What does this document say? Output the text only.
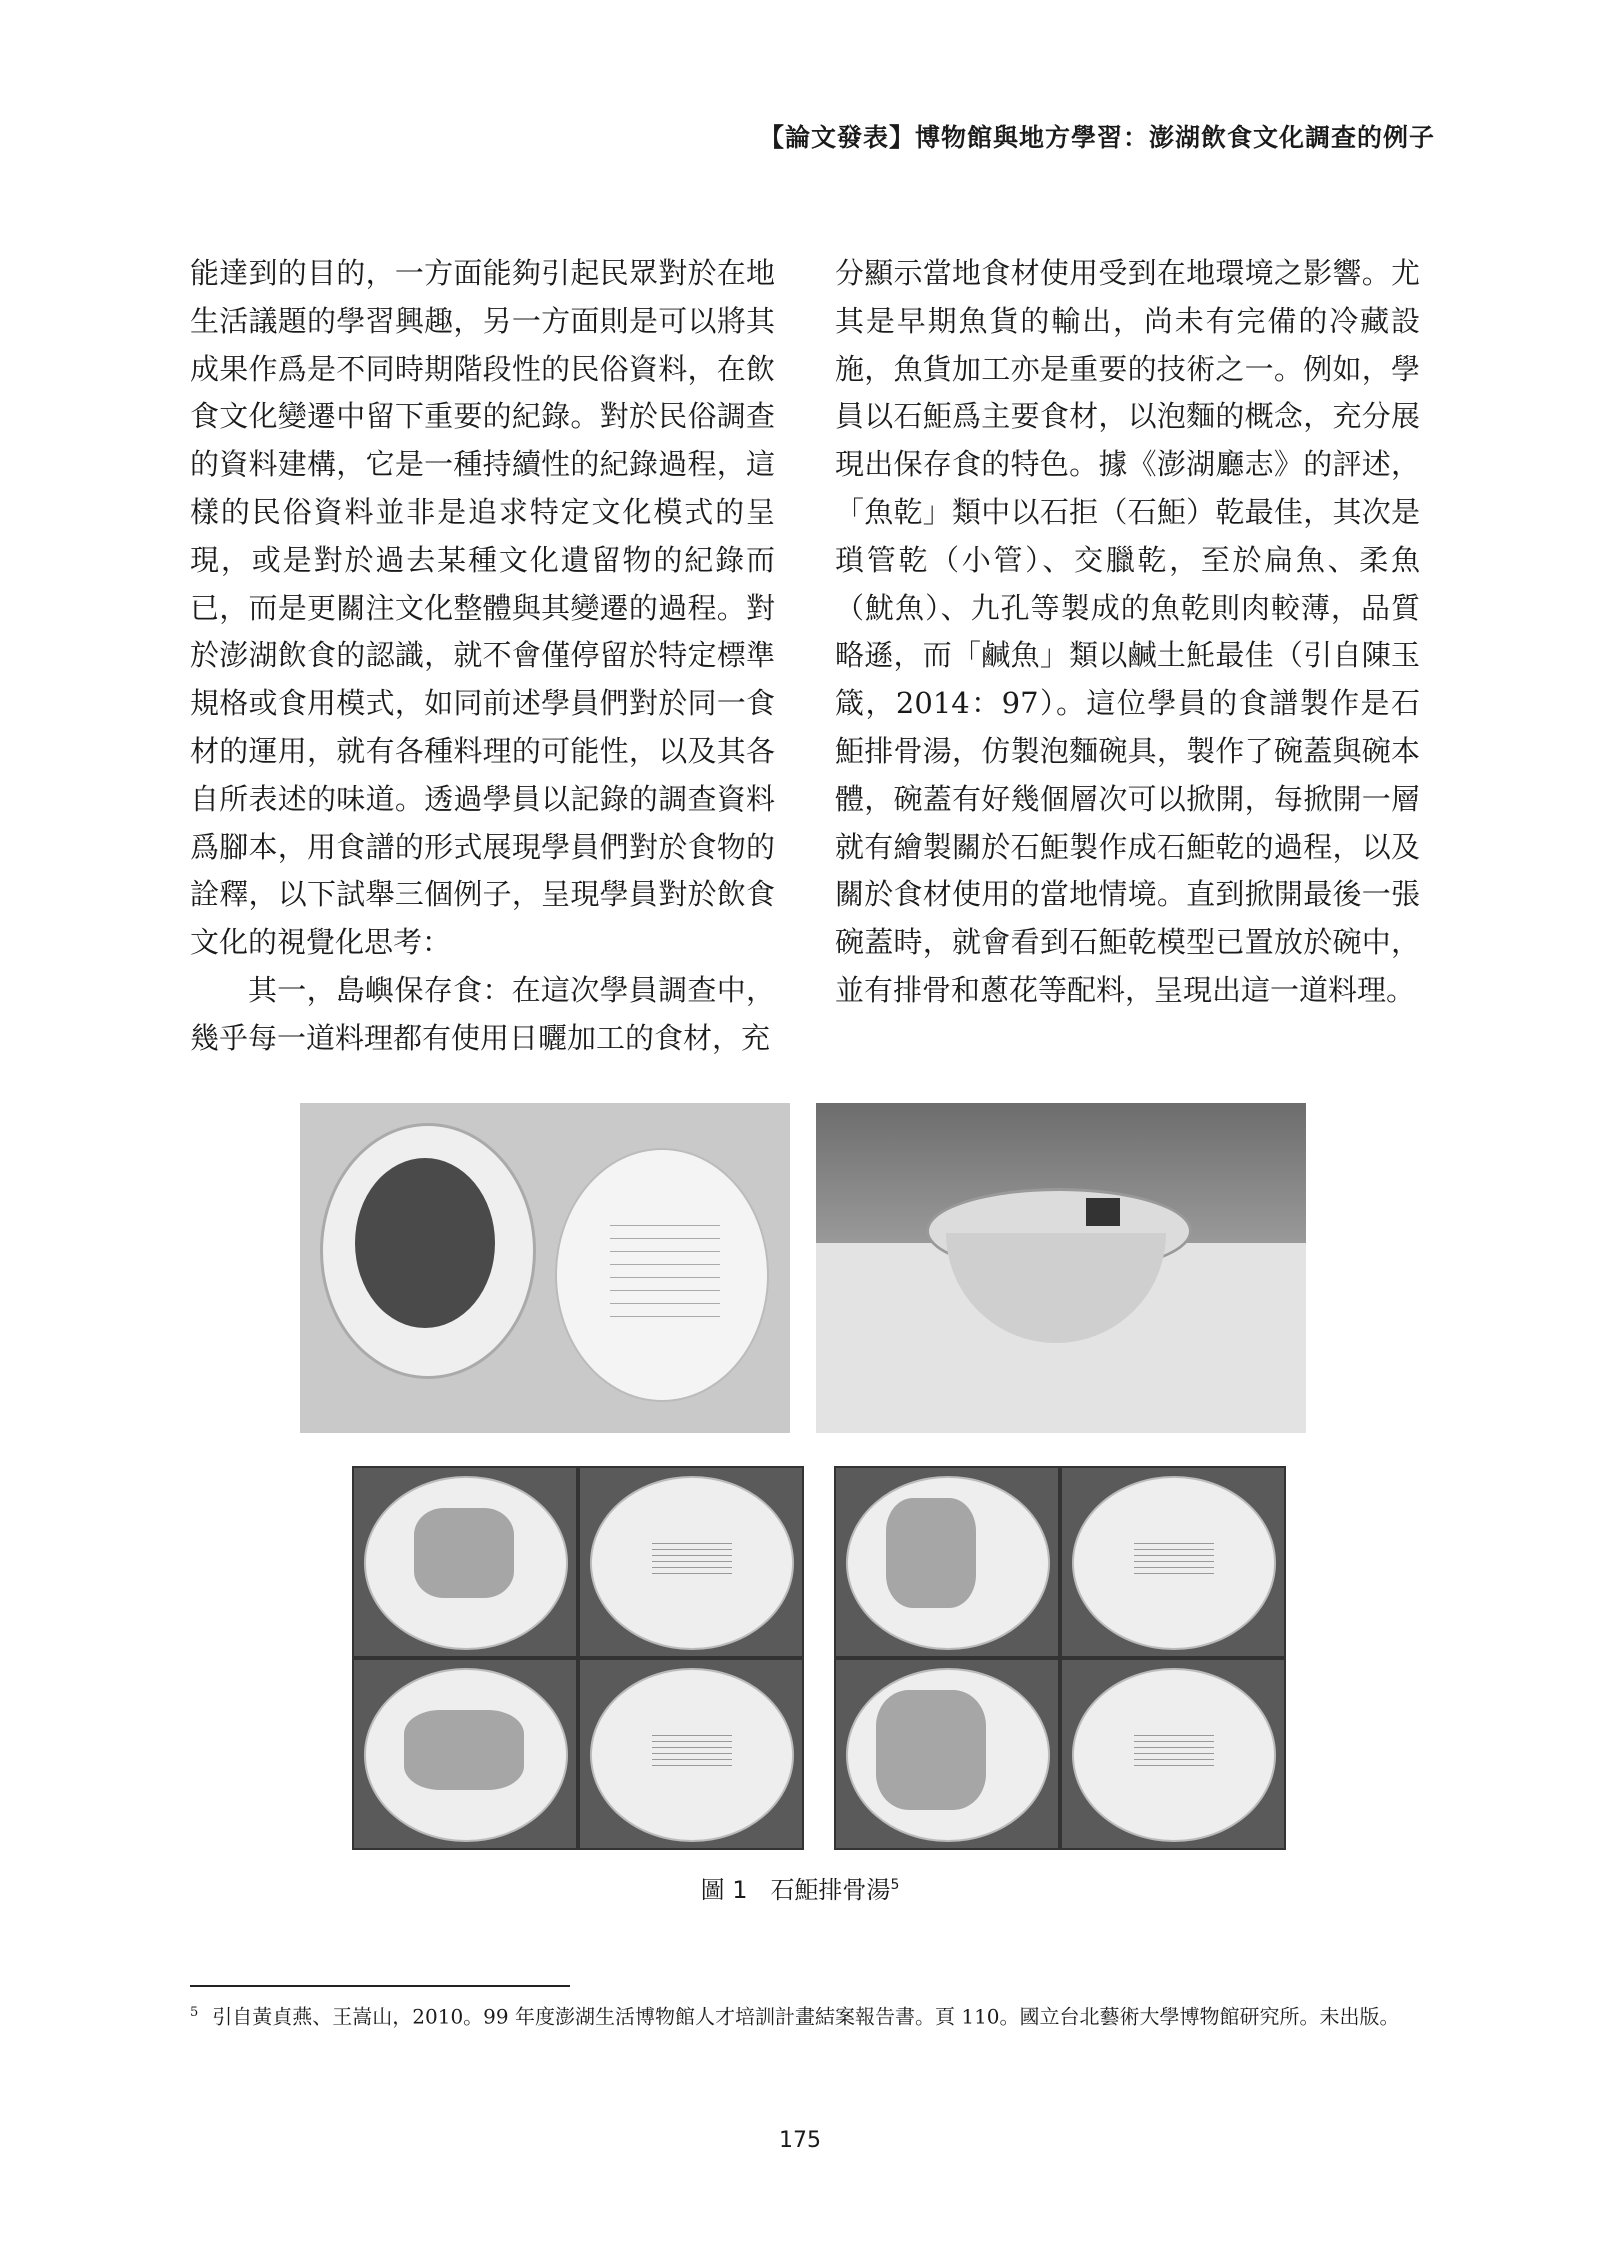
【論文發表】博物館與地方學習：澎湖飲食文化調查的例子

能達到的目的，一方面能夠引起民眾對於在地生活議題的學習興趣，另一方面則是可以將其成果作爲是不同時期階段性的民俗資料，在飲食文化變遷中留下重要的紀錄。對於民俗調查的資料建構，它是一種持續性的紀錄過程，這樣的民俗資料並非是追求特定文化模式的呈現，或是對於過去某種文化遺留物的紀錄而已，而是更關注文化整體與其變遷的過程。對於澎湖飲食的認識，就不會僅停留於特定標準規格或食用模式，如同前述學員們對於同一食材的運用，就有各種料理的可能性，以及其各自所表述的味道。透過學員以記錄的調查資料爲腳本，用食譜的形式展現學員們對於食物的詮釋，以下試舉三個例子，呈現學員對於飲食文化的視覺化思考：

其一，島嶼保存食：在這次學員調查中，幾乎每一道料理都有使用日曬加工的食材，充

分顯示當地食材使用受到在地環境之影響。尤其是早期魚貨的輸出，尚未有完備的冷藏設施，魚貨加工亦是重要的技術之一。例如，學員以石鮔爲主要食材，以泡麵的概念，充分展現出保存食的特色。據《澎湖廳志》的評述，「魚乾」類中以石拒（石鮔）乾最佳，其次是瑣管乾（小管）、交臘乾，至於扁魚、柔魚（魷魚）、九孔等製成的魚乾則肉較薄，品質略遜，而「鹹魚」類以鹹土魠最佳（引自陳玉箴，2014：97）。這位學員的食譜製作是石鮔排骨湯，仿製泡麵碗具，製作了碗蓋與碗本體，碗蓋有好幾個層次可以掀開，每掀開一層就有繪製關於石鮔製作成石鮔乾的過程，以及關於食材使用的當地情境。直到掀開最後一張碗蓋時，就會看到石鮔乾模型已置放於碗中，並有排骨和蔥花等配料，呈現出這一道料理。

圖 1 石鮔排骨湯$^5$
$^5$ 引自黃貞燕、王嵩山，2010。99 年度澎湖生活博物館人才培訓計畫結案報告書。頁 110。國立台北藝術大學博物館研究所。未出版。
175
